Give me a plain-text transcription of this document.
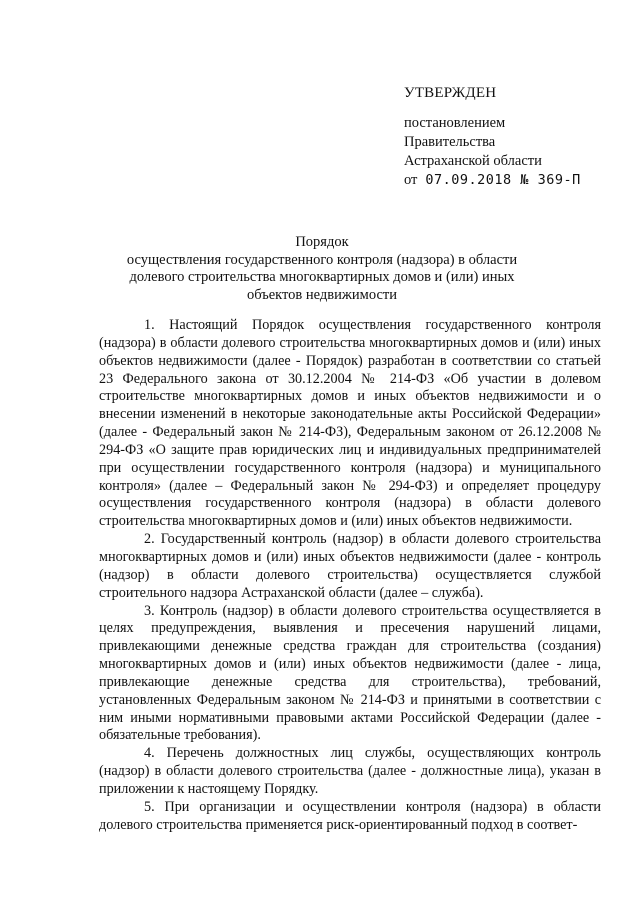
УТВЕРЖДЕН
постановлением
Правительства
Астраханской области
от 07.09.2018 № 369-П
Порядок
осуществления государственного контроля (надзора) в области
долевого строительства многоквартирных домов и (или) иных
объектов недвижимости

1. Настоящий Порядок осуществления государственного контроля (надзора) в области долевого строительства многоквартирных домов и (или) иных объектов недвижимости (далее - Порядок) разработан в соответствии со статьей 23 Федерального закона от 30.12.2004 № 214-ФЗ «Об участии в долевом строительстве многоквартирных домов и иных объектов недвижимости и о внесении изменений в некоторые законодательные акты Российской Федерации» (далее - Федеральный закон № 214-ФЗ), Федеральным законом от 26.12.2008 № 294-ФЗ «О защите прав юридических лиц и индивидуальных предпринимателей при осуществлении государственного контроля (надзора) и муниципального контроля» (далее – Федеральный закон № 294-ФЗ) и определяет процедуру осуществления государственного контроля (надзора) в области долевого строительства многоквартирных домов и (или) иных объектов недвижимости.

2. Государственный контроль (надзор) в области долевого строительства многоквартирных домов и (или) иных объектов недвижимости (далее - контроль (надзор) в области долевого строительства) осуществляется службой строительного надзора Астраханской области (далее – служба).

3. Контроль (надзор) в области долевого строительства осуществляется в целях предупреждения, выявления и пресечения нарушений лицами, привлекающими денежные средства граждан для строительства (создания) многоквартирных домов и (или) иных объектов недвижимости (далее - лица, привлекающие денежные средства для строительства), требований, установленных Федеральным законом № 214-ФЗ и принятыми в соответствии с ним иными нормативными правовыми актами Российской Федерации (далее - обязательные требования).

4. Перечень должностных лиц службы, осуществляющих контроль (надзор) в области долевого строительства (далее - должностные лица), указан в приложении к настоящему Порядку.

5. При организации и осуществлении контроля (надзора) в области долевого строительства применяется риск-ориентированный подход в соответ-
